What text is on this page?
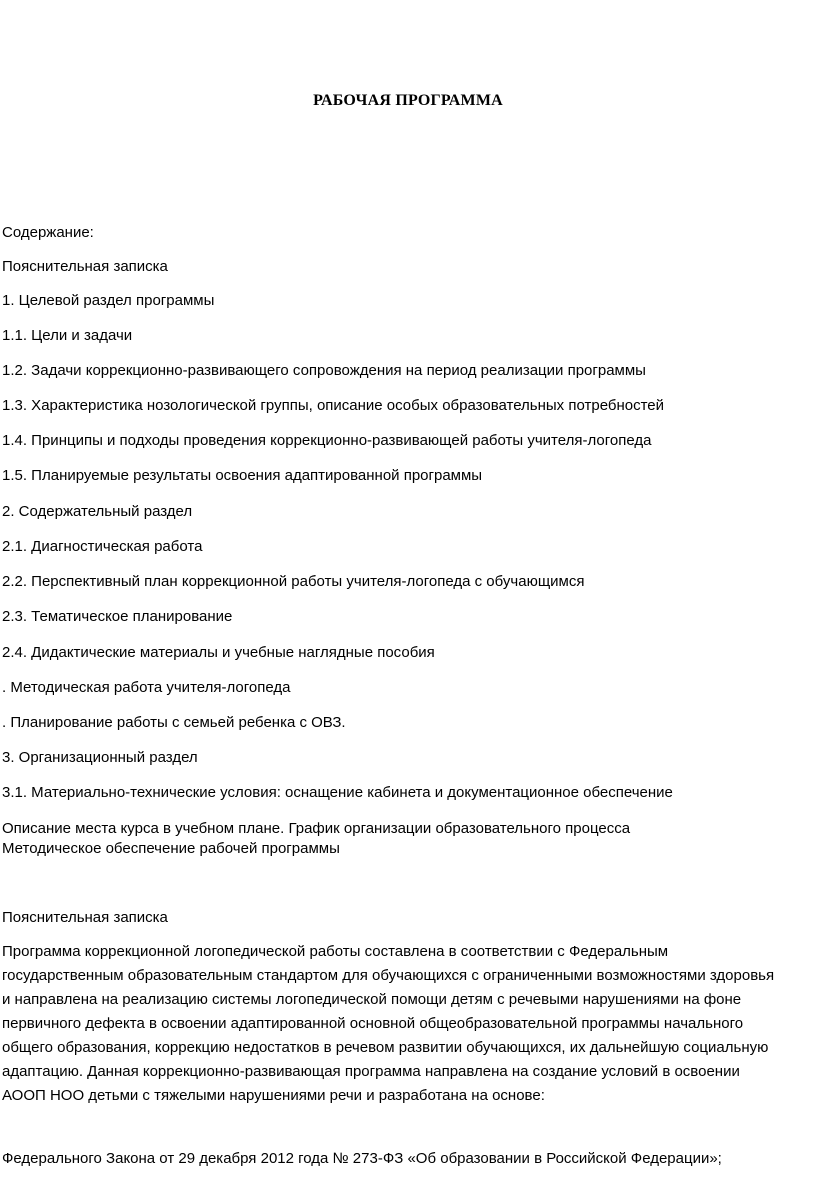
РАБОЧАЯ ПРОГРАММА
Содержание:
Пояснительная записка
1. Целевой раздел программы
1.1. Цели и задачи
1.2. Задачи коррекционно-развивающего сопровождения на период реализации программы
1.3. Характеристика нозологической группы, описание особых образовательных потребностей
1.4. Принципы и подходы проведения коррекционно-развивающей работы учителя-логопеда
1.5. Планируемые результаты освоения адаптированной программы
2. Содержательный раздел
2.1. Диагностическая работа
2.2. Перспективный план коррекционной работы учителя-логопеда с обучающимся
2.3. Тематическое планирование
2.4. Дидактические материалы и учебные наглядные пособия
. Методическая работа учителя-логопеда
. Планирование работы с семьей ребенка с ОВЗ.
3. Организационный раздел
3.1. Материально-технические условия: оснащение кабинета и документационное обеспечение
Описание места курса в учебном плане. График организации образовательного процесса
Методическое обеспечение рабочей программы
Пояснительная записка
Программа коррекционной логопедической работы составлена в соответствии с Федеральным
государственным образовательным стандартом для обучающихся с ограниченными возможностями здоровья
и направлена на реализацию системы логопедической помощи детям с речевыми нарушениями на фоне
первичного дефекта в освоении адаптированной основной общеобразовательной программы начального
общего образования, коррекцию недостатков в речевом развитии обучающихся, их дальнейшую социальную
адаптацию. Данная коррекционно-развивающая программа направлена на создание условий в освоении
АООП НОО детьми с тяжелыми нарушениями речи и разработана на основе:
Федерального Закона от 29 декабря 2012 года № 273-ФЗ «Об образовании в Российской Федерации»;
